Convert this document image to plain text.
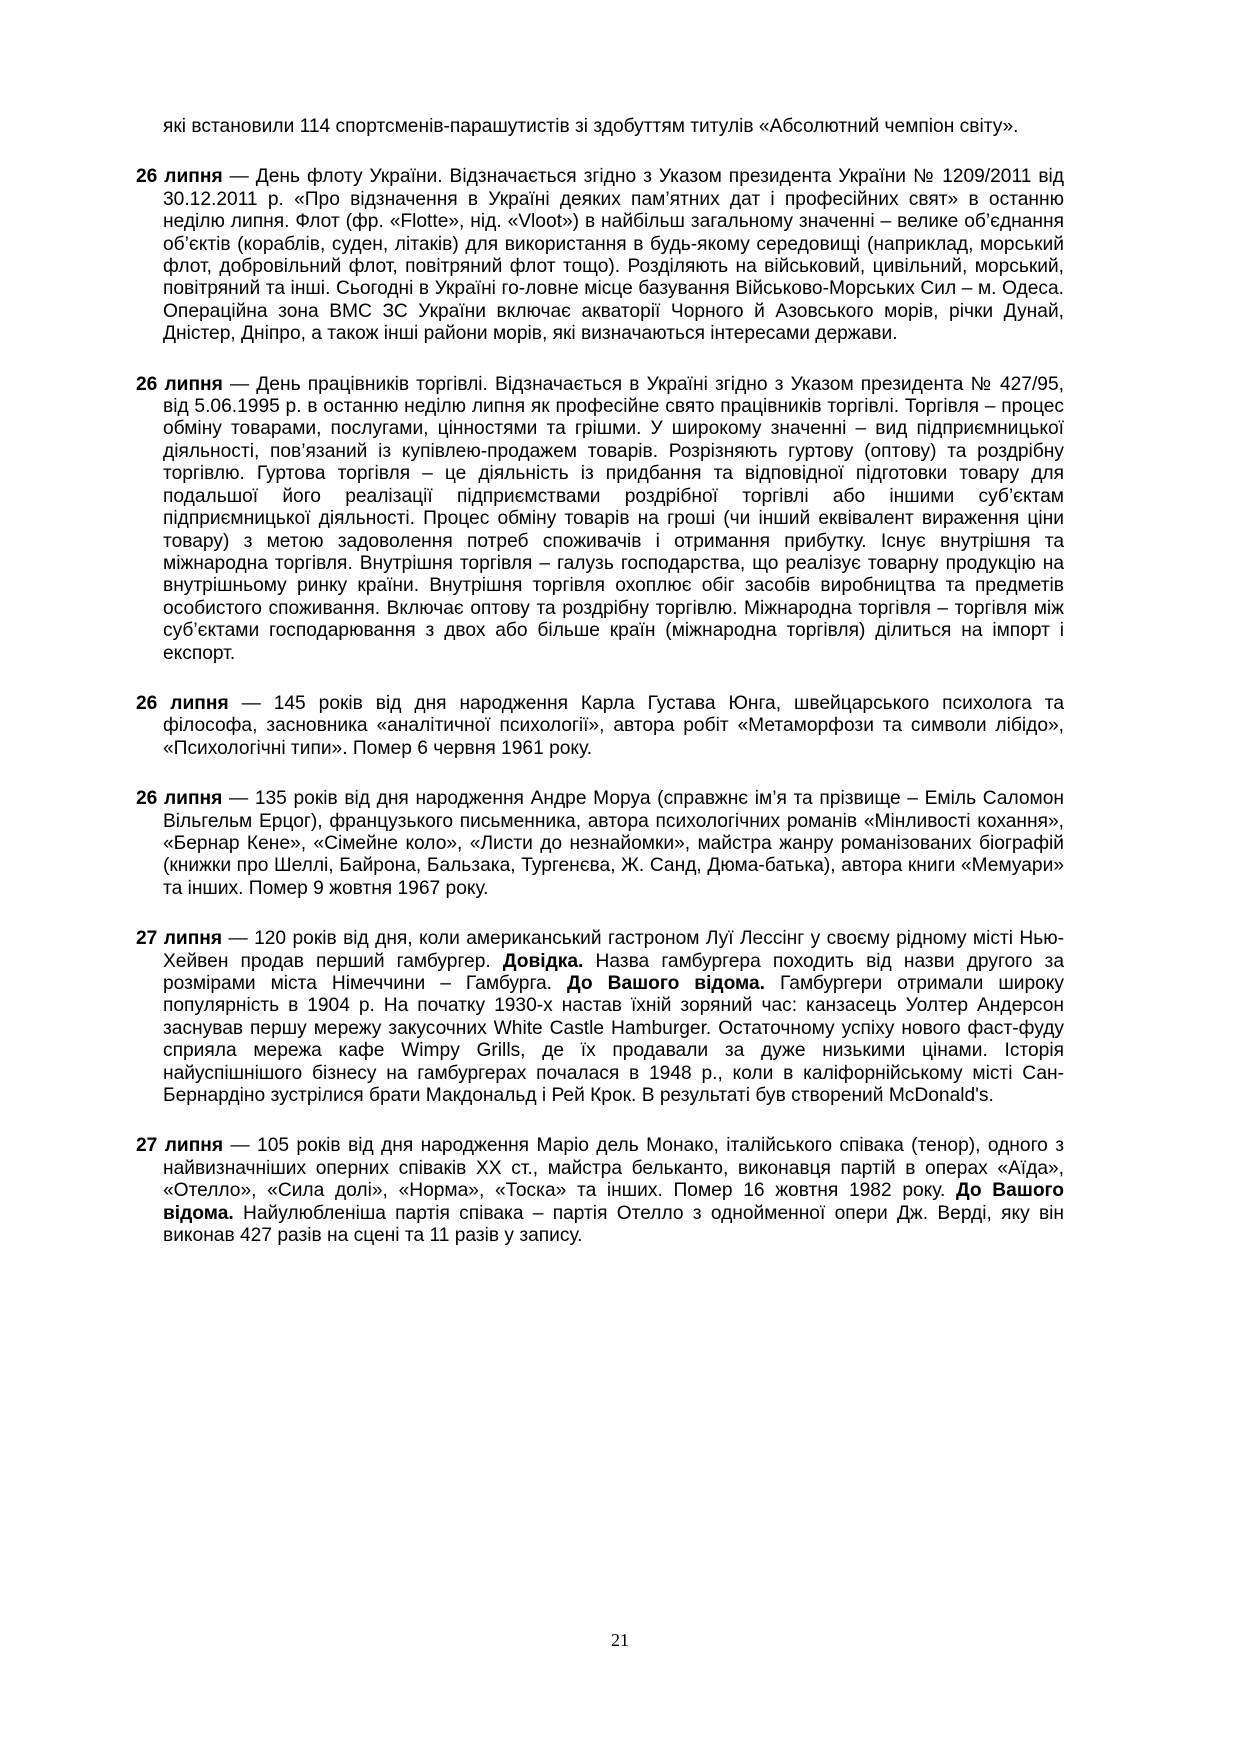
які встановили 114 спортсменів-парашутистів зі здобуттям титулів «Абсолютний чемпіон світу».

26 липня — День флоту України. Відзначається згідно з Указом президента України № 1209/2011 від 30.12.2011 р. «Про відзначення в Україні деяких пам’ятних дат і професійних свят» в останню неділю липня. Флот (фр. «Flotte», нід. «Vloot») в найбільш загальному значенні – велике об’єднання об’єктів (кораблів, суден, літаків) для використання в будь-якому середовищі (наприклад, морський флот, добровільний флот, повітряний флот тощо). Розділяють на військовий, цивільний, морський, повітряний та інші. Сьогодні в Україні го-ловне місце базування Військово-Морських Сил – м. Одеса. Операційна зона ВМС ЗС України включає акваторії Чорного й Азовського морів, річки Дунай, Дністер, Дніпро, а також інші райони морів, які визначаються інтересами держави.

26 липня — День працівників торгівлі. Відзначається в Україні згідно з Указом президента № 427/95, від 5.06.1995 р. в останню неділю липня як професійне свято працівників торгівлі. Торгівля – процес обміну товарами, послугами, цінностями та грішми. У широкому значенні – вид підприємницької діяльності, пов’язаний із купівлею-продажем товарів. Розрізняють гуртову (оптову) та роздрібну торгівлю. Гуртова торгівля – це діяльність із придбання та відповідної підготовки товару для подальшої його реалізації підприємствами роздрібної торгівлі або іншими суб’єктам підприємницької діяльності. Процес обміну товарів на гроші (чи інший еквівалент вираження ціни товару) з метою задоволення потреб споживачів і отримання прибутку. Існує внутрішня та міжнародна торгівля. Внутрішня торгівля – галузь господарства, що реалізує товарну продукцію на внутрішньому ринку країни. Внутрішня торгівля охоплює обіг засобів виробництва та предметів особистого споживання. Включає оптову та роздрібну торгівлю. Міжнародна торгівля – торгівля між суб’єктами господарювання з двох або більше країн (міжнародна торгівля) ділиться на імпорт і експорт.

26 липня — 145 років від дня народження Карла Густава Юнга, швейцарського психолога та філософа, засновника «аналітичної психології», автора робіт «Метаморфози та символи лібідо», «Психологічні типи». Помер 6 червня 1961 року.

26 липня — 135 років від дня народження Андре Моруа (справжнє ім’я та прізвище – Еміль Саломон Вільгельм Ерцог), французького письменника, автора психологічних романів «Мінливості кохання», «Бернар Кене», «Сімейне коло», «Листи до незнайомки», майстра жанру романізованих біографій (книжки про Шеллі, Байрона, Бальзака, Тургенєва, Ж. Санд, Дюма-батька), автора книги «Мемуари» та інших. Помер 9 жовтня 1967 року.

27 липня — 120 років від дня, коли американський гастроном Луї Лессінг у своєму рідному місті Нью-Хейвен продав перший гамбургер. Довідка. Назва гамбургера походить від назви другого за розмірами міста Німеччини – Гамбурга. До Вашого відома. Гамбургери отримали широку популярність в 1904 р. На початку 1930-х настав їхній зоряний час: канзасець Уолтер Андерсон заснував першу мережу закусочних White Castle Hamburger. Остаточному успіху нового фаст-фуду сприяла мережа кафе Wimpy Grills, де їх продавали за дуже низькими цінами. Історія найуспішнішого бізнесу на гамбургерах почалася в 1948 р., коли в каліфорнійському місті Сан-Бернардіно зустрілися брати Макдональд і Рей Крок. В результаті був створений McDonald's.

27 липня — 105 років від дня народження Маріо дель Монако, італійського співака (тенор), одного з найвизначніших оперних співаків ХХ ст., майстра бельканто, виконавця партій в операх «Аїда», «Отелло», «Сила долі», «Норма», «Тоска» та інших. Помер 16 жовтня 1982 року. До Вашого відома. Найулюбленіша партія співака – партія Отелло з однойменної опери Дж. Верді, яку він виконав 427 разів на сцені та 11 разів у запису.

21
